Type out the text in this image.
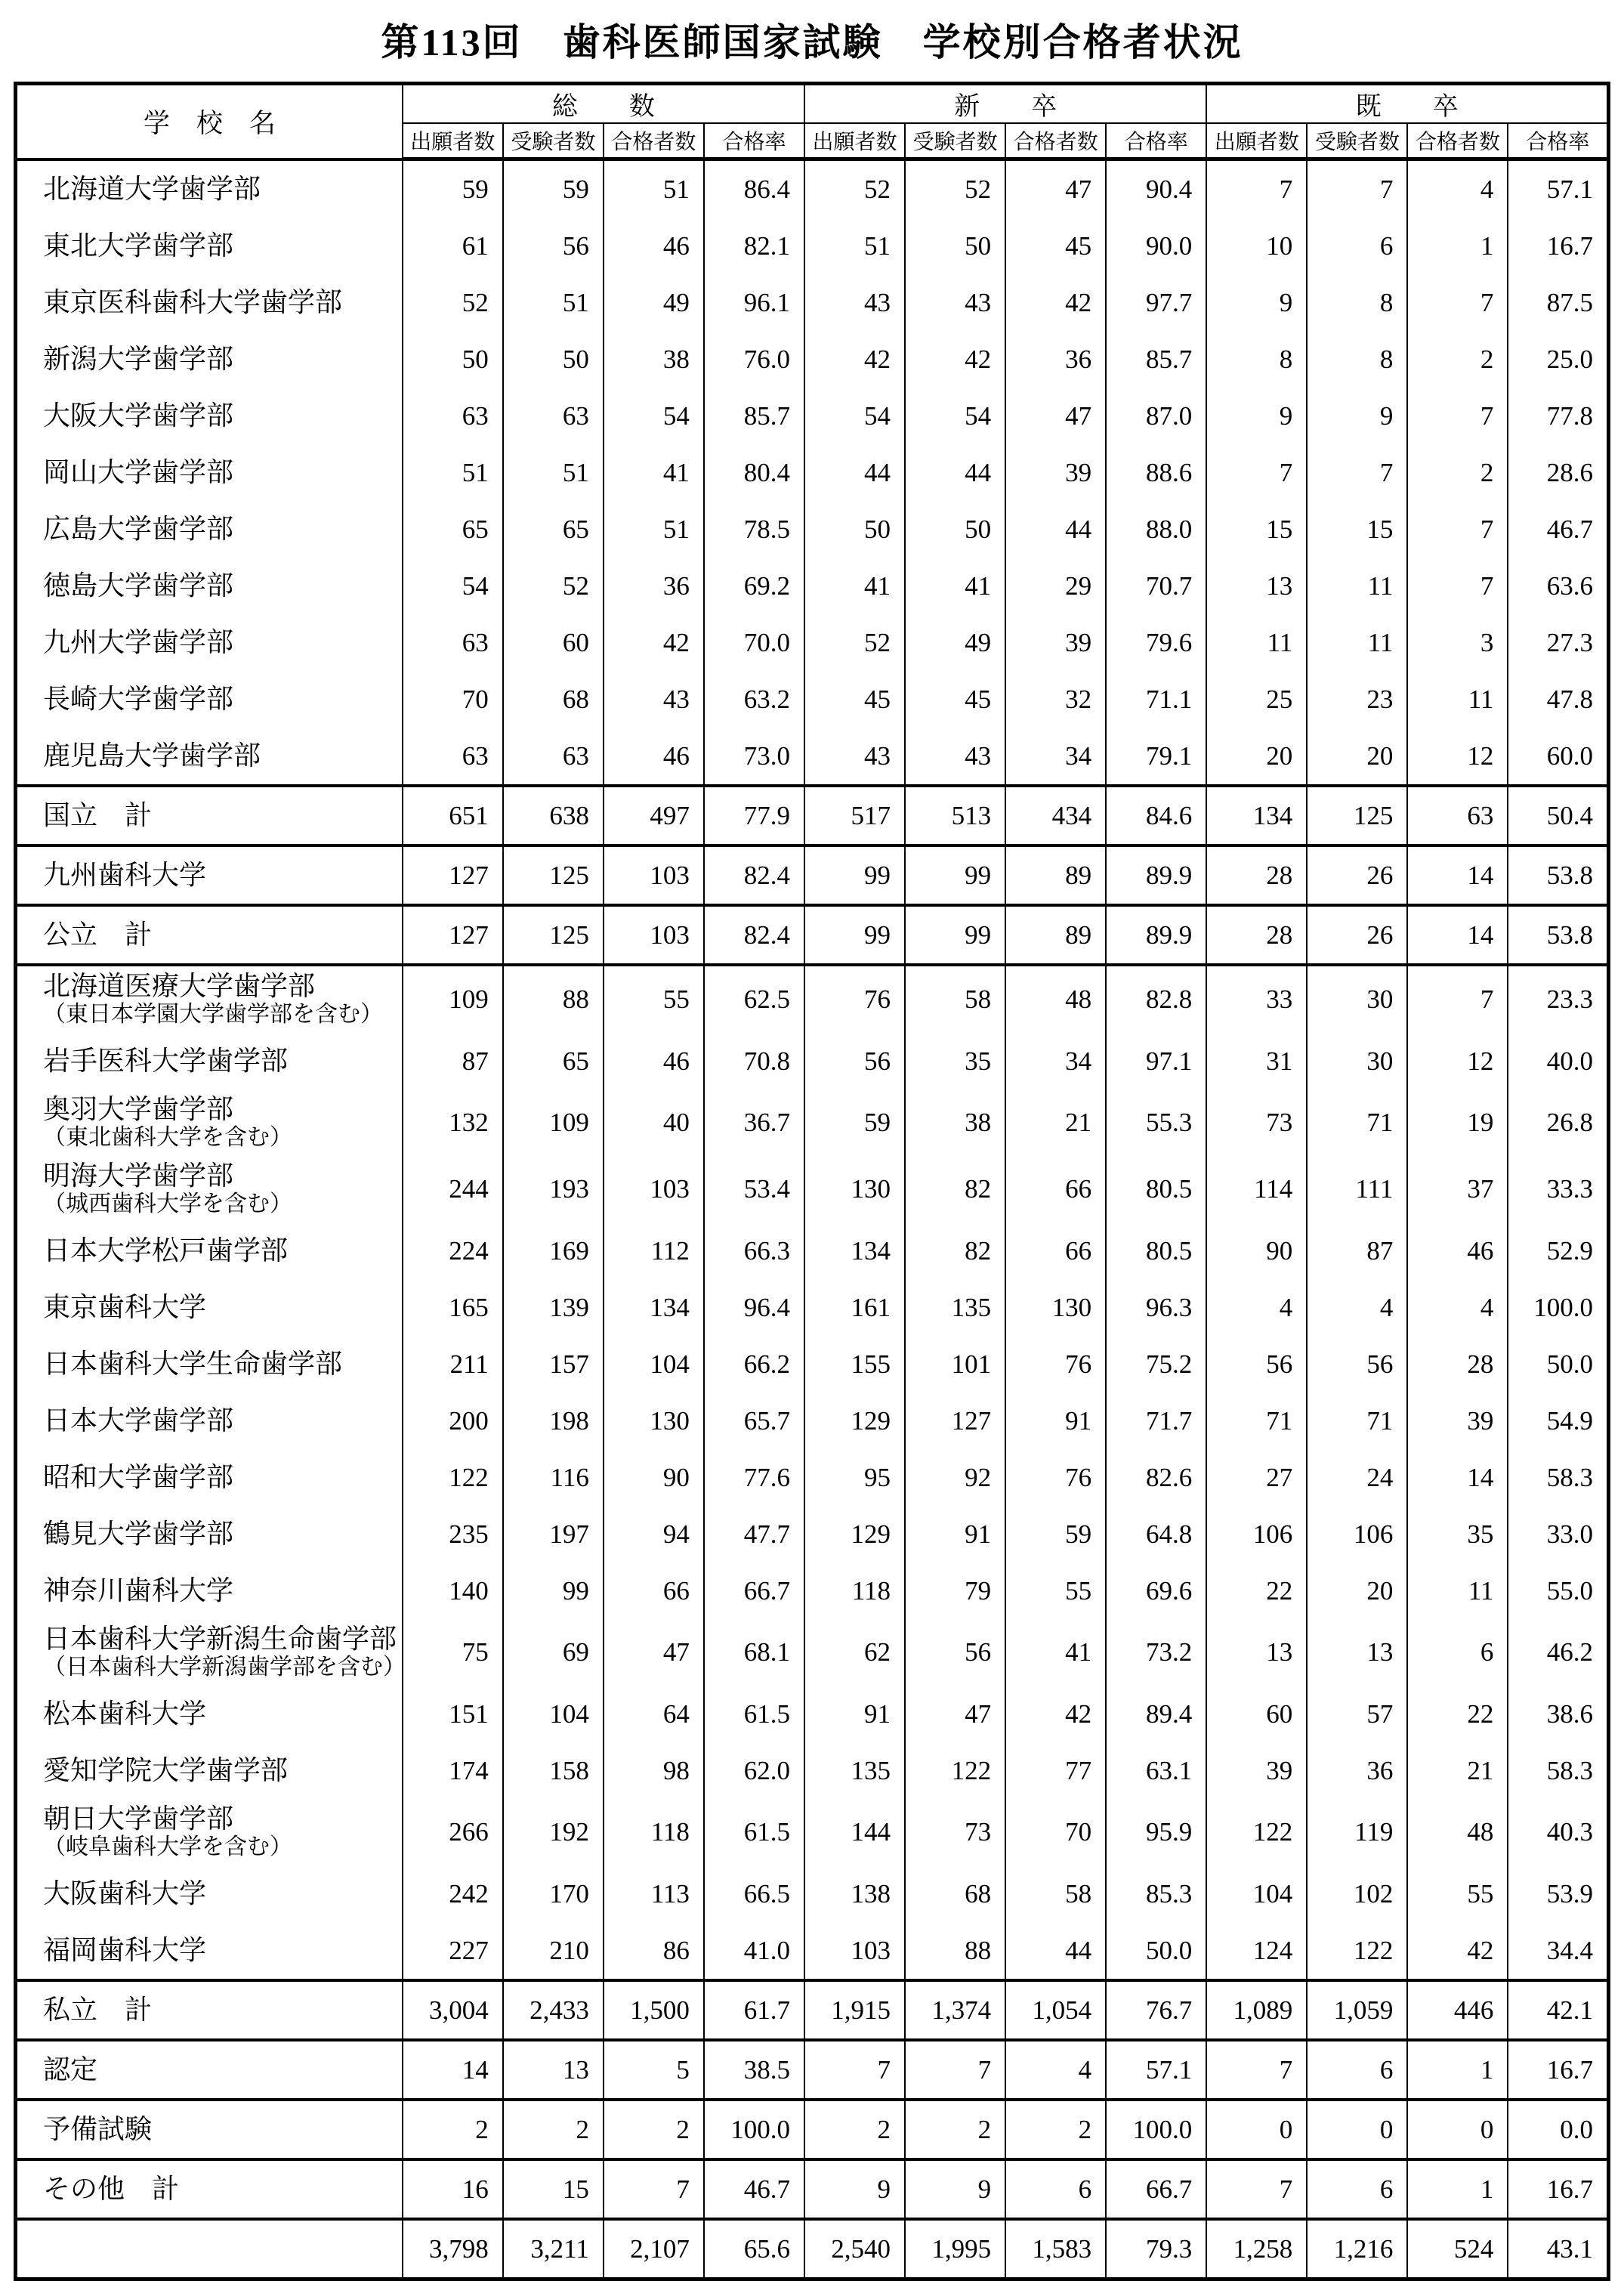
第113回　歯科医師国家試験　学校別合格者状況
学　校　名	総　　数				新　　卒				既　　卒			
	出願者数	受験者数	合格者数	合格率	出願者数	受験者数	合格者数	合格率	出願者数	受験者数	合格者数	合格率

北海道大学歯学部	59	59	51	86.4	52	52	47	90.4	7	7	4	57.1

東北大学歯学部	61	56	46	82.1	51	50	45	90.0	10	6	1	16.7

東京医科歯科大学歯学部	52	51	49	96.1	43	43	42	97.7	9	8	7	87.5

新潟大学歯学部	50	50	38	76.0	42	42	36	85.7	8	8	2	25.0

大阪大学歯学部	63	63	54	85.7	54	54	47	87.0	9	9	7	77.8

岡山大学歯学部	51	51	41	80.4	44	44	39	88.6	7	7	2	28.6

広島大学歯学部	65	65	51	78.5	50	50	44	88.0	15	15	7	46.7

徳島大学歯学部	54	52	36	69.2	41	41	29	70.7	13	11	7	63.6

九州大学歯学部	63	60	42	70.0	52	49	39	79.6	11	11	3	27.3

長崎大学歯学部	70	68	43	63.2	45	45	32	71.1	25	23	11	47.8

鹿児島大学歯学部	63	63	46	73.0	43	43	34	79.1	20	20	12	60.0

国立　計	651	638	497	77.9	517	513	434	84.6	134	125	63	50.4

九州歯科大学	127	125	103	82.4	99	99	89	89.9	28	26	14	53.8

公立　計	127	125	103	82.4	99	99	89	89.9	28	26	14	53.8

北海道医療大学歯学部
（東日本学園大学歯学部を含む）	109	88	55	62.5	76	58	48	82.8	33	30	7	23.3

岩手医科大学歯学部	87	65	46	70.8	56	35	34	97.1	31	30	12	40.0

奥羽大学歯学部
（東北歯科大学を含む）	132	109	40	36.7	59	38	21	55.3	73	71	19	26.8

明海大学歯学部
（城西歯科大学を含む）	244	193	103	53.4	130	82	66	80.5	114	111	37	33.3

日本大学松戸歯学部	224	169	112	66.3	134	82	66	80.5	90	87	46	52.9

東京歯科大学	165	139	134	96.4	161	135	130	96.3	4	4	4	100.0

日本歯科大学生命歯学部	211	157	104	66.2	155	101	76	75.2	56	56	28	50.0

日本大学歯学部	200	198	130	65.7	129	127	91	71.7	71	71	39	54.9

昭和大学歯学部	122	116	90	77.6	95	92	76	82.6	27	24	14	58.3

鶴見大学歯学部	235	197	94	47.7	129	91	59	64.8	106	106	35	33.0

神奈川歯科大学	140	99	66	66.7	118	79	55	69.6	22	20	11	55.0

日本歯科大学新潟生命歯学部
（日本歯科大学新潟歯学部を含む）	75	69	47	68.1	62	56	41	73.2	13	13	6	46.2

松本歯科大学	151	104	64	61.5	91	47	42	89.4	60	57	22	38.6

愛知学院大学歯学部	174	158	98	62.0	135	122	77	63.1	39	36	21	58.3

朝日大学歯学部
（岐阜歯科大学を含む）	266	192	118	61.5	144	73	70	95.9	122	119	48	40.3

大阪歯科大学	242	170	113	66.5	138	68	58	85.3	104	102	55	53.9

福岡歯科大学	227	210	86	41.0	103	88	44	50.0	124	122	42	34.4

私立　計	3,004	2,433	1,500	61.7	1,915	1,374	1,054	76.7	1,089	1,059	446	42.1

認定	14	13	5	38.5	7	7	4	57.1	7	6	1	16.7

予備試験	2	2	2	100.0	2	2	2	100.0	0	0	0	0.0

その他　計	16	15	7	46.7	9	9	6	66.7	7	6	1	16.7

	3,798	3,211	2,107	65.6	2,540	1,995	1,583	79.3	1,258	1,216	524	43.1
